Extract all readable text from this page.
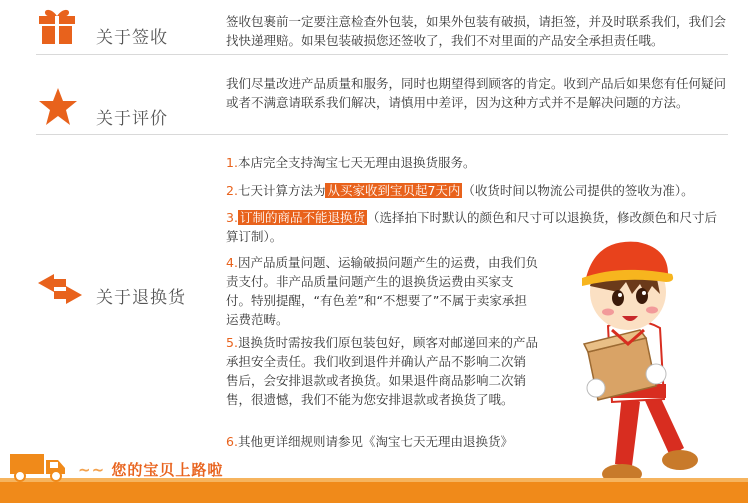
关于签收
签收包裹前一定要注意检查外包装，如果外包装有破损，请拒签，并及时联系我们，我们会找快递理赔。如果包装破损您还签收了，我们不对里面的产品安全承担责任哦。
关于评价
我们尽量改进产品质量和服务，同时也期望得到顾客的肯定。收到产品后如果您有任何疑问或者不满意请联系我们解决，请慎用中差评，因为这种方式并不是解决问题的方法。
关于退换货
1.本店完全支持淘宝七天无理由退换货服务。
2.七天计算方法为 从买家收到宝贝起7天内 （收货时间以物流公司提供的签收为准）。
3. 订制的商品不能退换货 （选择拍下时默认的颜色和尺寸可以退换货，修改颜色和尺寸后算订制）。
4.因产品质量问题、运输破损问题产生的运费，由我们负责支付。非产品质量问题产生的退换货运费由买家支付。特别提醒，“有色差”和“不想要了”不属于卖家承担运费范畴。
5.退换货时需按我们原包装包好，顾客对邮递回来的产品承担安全责任。我们收到退件并确认产品不影响二次销售后，会安排退款或者换货。如果退件商品影响二次销售，很遗憾，我们不能为您安排退款或者换货了哦。
6.其他更详细规则请参见《淘宝七天无理由退换货》
~~ 您的宝贝上路啦
